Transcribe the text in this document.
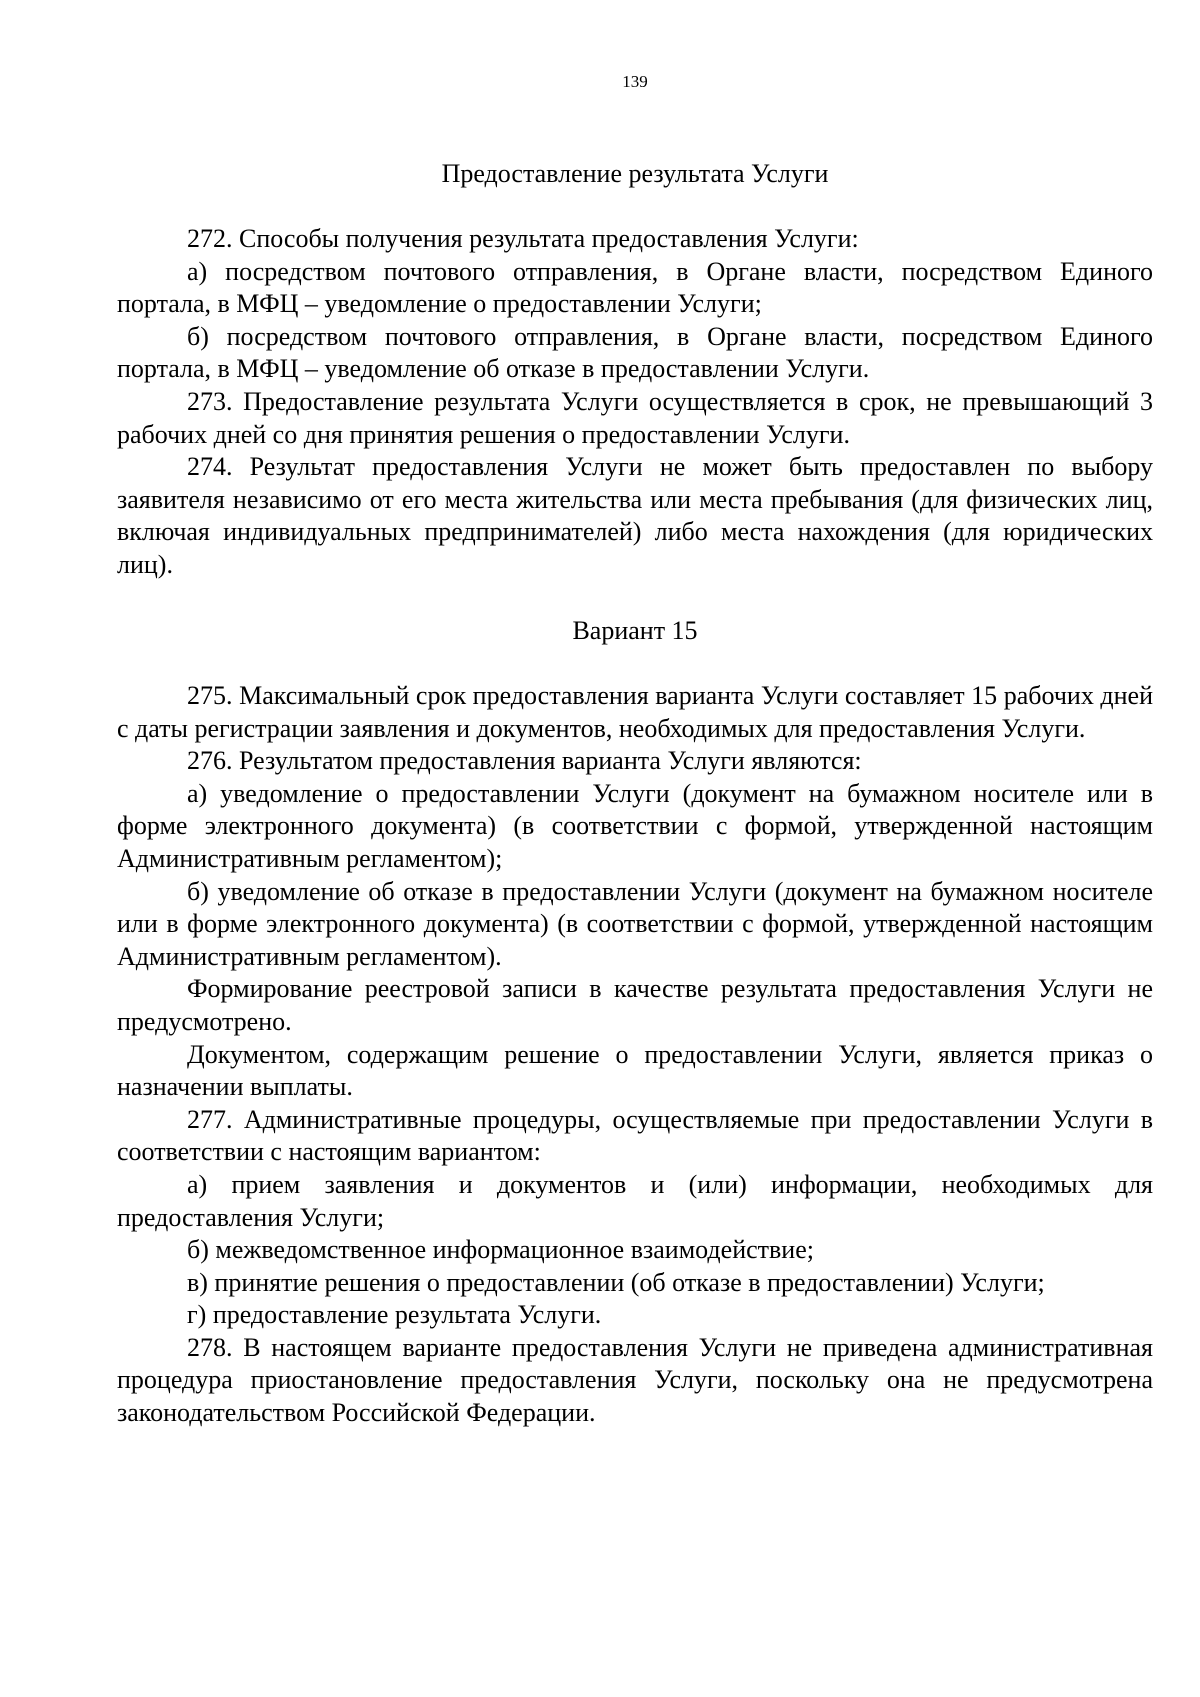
139
Предоставление результата Услуги

272. Способы получения результата предоставления Услуги:

а) посредством почтового отправления, в Органе власти, посредством Единого портала, в МФЦ – уведомление о предоставлении Услуги;

б) посредством почтового отправления, в Органе власти, посредством Единого портала, в МФЦ – уведомление об отказе в предоставлении Услуги.

273. Предоставление результата Услуги осуществляется в срок, не превышающий 3 рабочих дней со дня принятия решения о предоставлении Услуги.

274. Результат предоставления Услуги не может быть предоставлен по выбору заявителя независимо от его места жительства или места пребывания (для физических лиц, включая индивидуальных предпринимателей) либо места нахождения (для юридических лиц).

Вариант 15

275. Максимальный срок предоставления варианта Услуги составляет 15 рабочих дней с даты регистрации заявления и документов, необходимых для предоставления Услуги.

276. Результатом предоставления варианта Услуги являются:

а) уведомление о предоставлении Услуги (документ на бумажном носителе или в форме электронного документа) (в соответствии с формой, утвержденной настоящим Административным регламентом);

б) уведомление об отказе в предоставлении Услуги (документ на бумажном носителе или в форме электронного документа) (в соответствии с формой, утвержденной настоящим Административным регламентом).

Формирование реестровой записи в качестве результата предоставления Услуги не предусмотрено.

Документом, содержащим решение о предоставлении Услуги, является приказ о назначении выплаты.

277. Административные процедуры, осуществляемые при предоставлении Услуги в соответствии с настоящим вариантом:

а) прием заявления и документов и (или) информации, необходимых для предоставления Услуги;

б) межведомственное информационное взаимодействие;

в) принятие решения о предоставлении (об отказе в предоставлении) Услуги;

г) предоставление результата Услуги.

278. В настоящем варианте предоставления Услуги не приведена административная процедура приостановление предоставления Услуги, поскольку она не предусмотрена законодательством Российской Федерации.
